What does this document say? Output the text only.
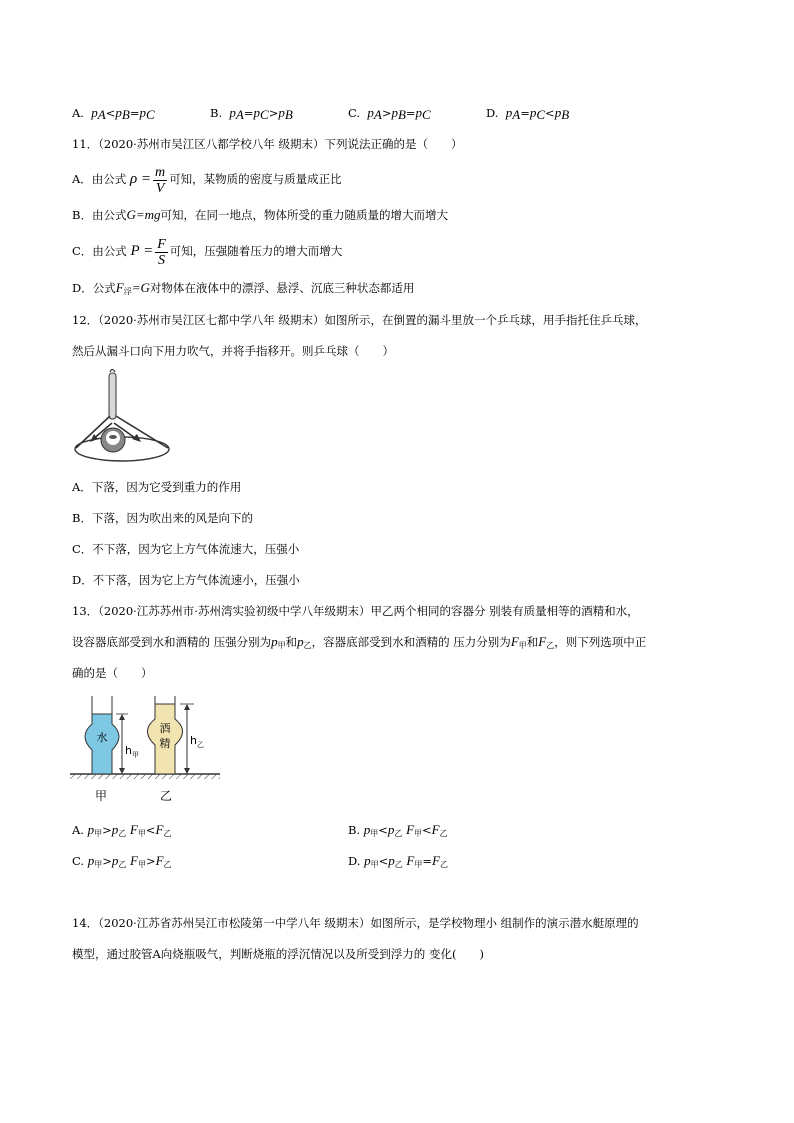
A. $p_A<p_B=p_C$	B. $p_A=p_C>p_B$	C. $p_A>p_B=p_C$	D. $p_A=p_C<p_B$
11．（2020·苏州市吴江区八都学校八年 级期末）下列说法正确的是（　　）
A．由公式 $\rho = \frac{m}{V}$ 可知，某物质的密度与质量成正比
B．由公式G=mg可知，在同一地点，物体所受的重力随质量的增大而增大
C．由公式 $P = \frac{F}{S}$ 可知，压强随着压力的增大而增大
D．公式$F_浮=G$对物体在液体中的漂浮、悬浮、沉底三种状态都适用
12．（2020·苏州市吴江区七都中学八年 级期末）如图所示，在倒置的漏斗里放一个乒乓球，用手指托住乒乓球，
然后从漏斗口向下用力吹气，并将手指移开。则乒乓球（　　）
A．下落，因为它受到重力的作用
B．下落，因为吹出来的风是向下的
C．不下落，因为它上方气体流速大，压强小
D．不下落，因为它上方气体流速小，压强小
13．（2020·江苏苏州市·苏州湾实验初级中学八年级期末）甲乙两个相同的容器分 别装有质量相等的酒精和水，
设容器底部受到水和酒精的 压强分别为$p_甲$和$p_乙$，容器底部受到水和酒精的 压力分别为$F_甲$和$F_乙$，则下列选项中正
确的是（　　）
水
$h_甲$
酒
精 $h_乙$
甲	乙
A. $p_甲>p_乙$ $F_甲<F_乙$	B. $p_甲<p_乙$ $F_甲<F_乙$
C. $p_甲>p_乙$ $F_甲>F_乙$	D. $p_甲<p_乙$ $F_甲=F_乙$
14．（2020·江苏省苏州吴江市松陵第一中学八年 级期末）如图所示，是学校物理小 组制作的演示潜水艇原理的
模型，通过胶管A向烧瓶吸气，判断烧瓶的浮沉情况以及所受到浮力的 变化(　　)
